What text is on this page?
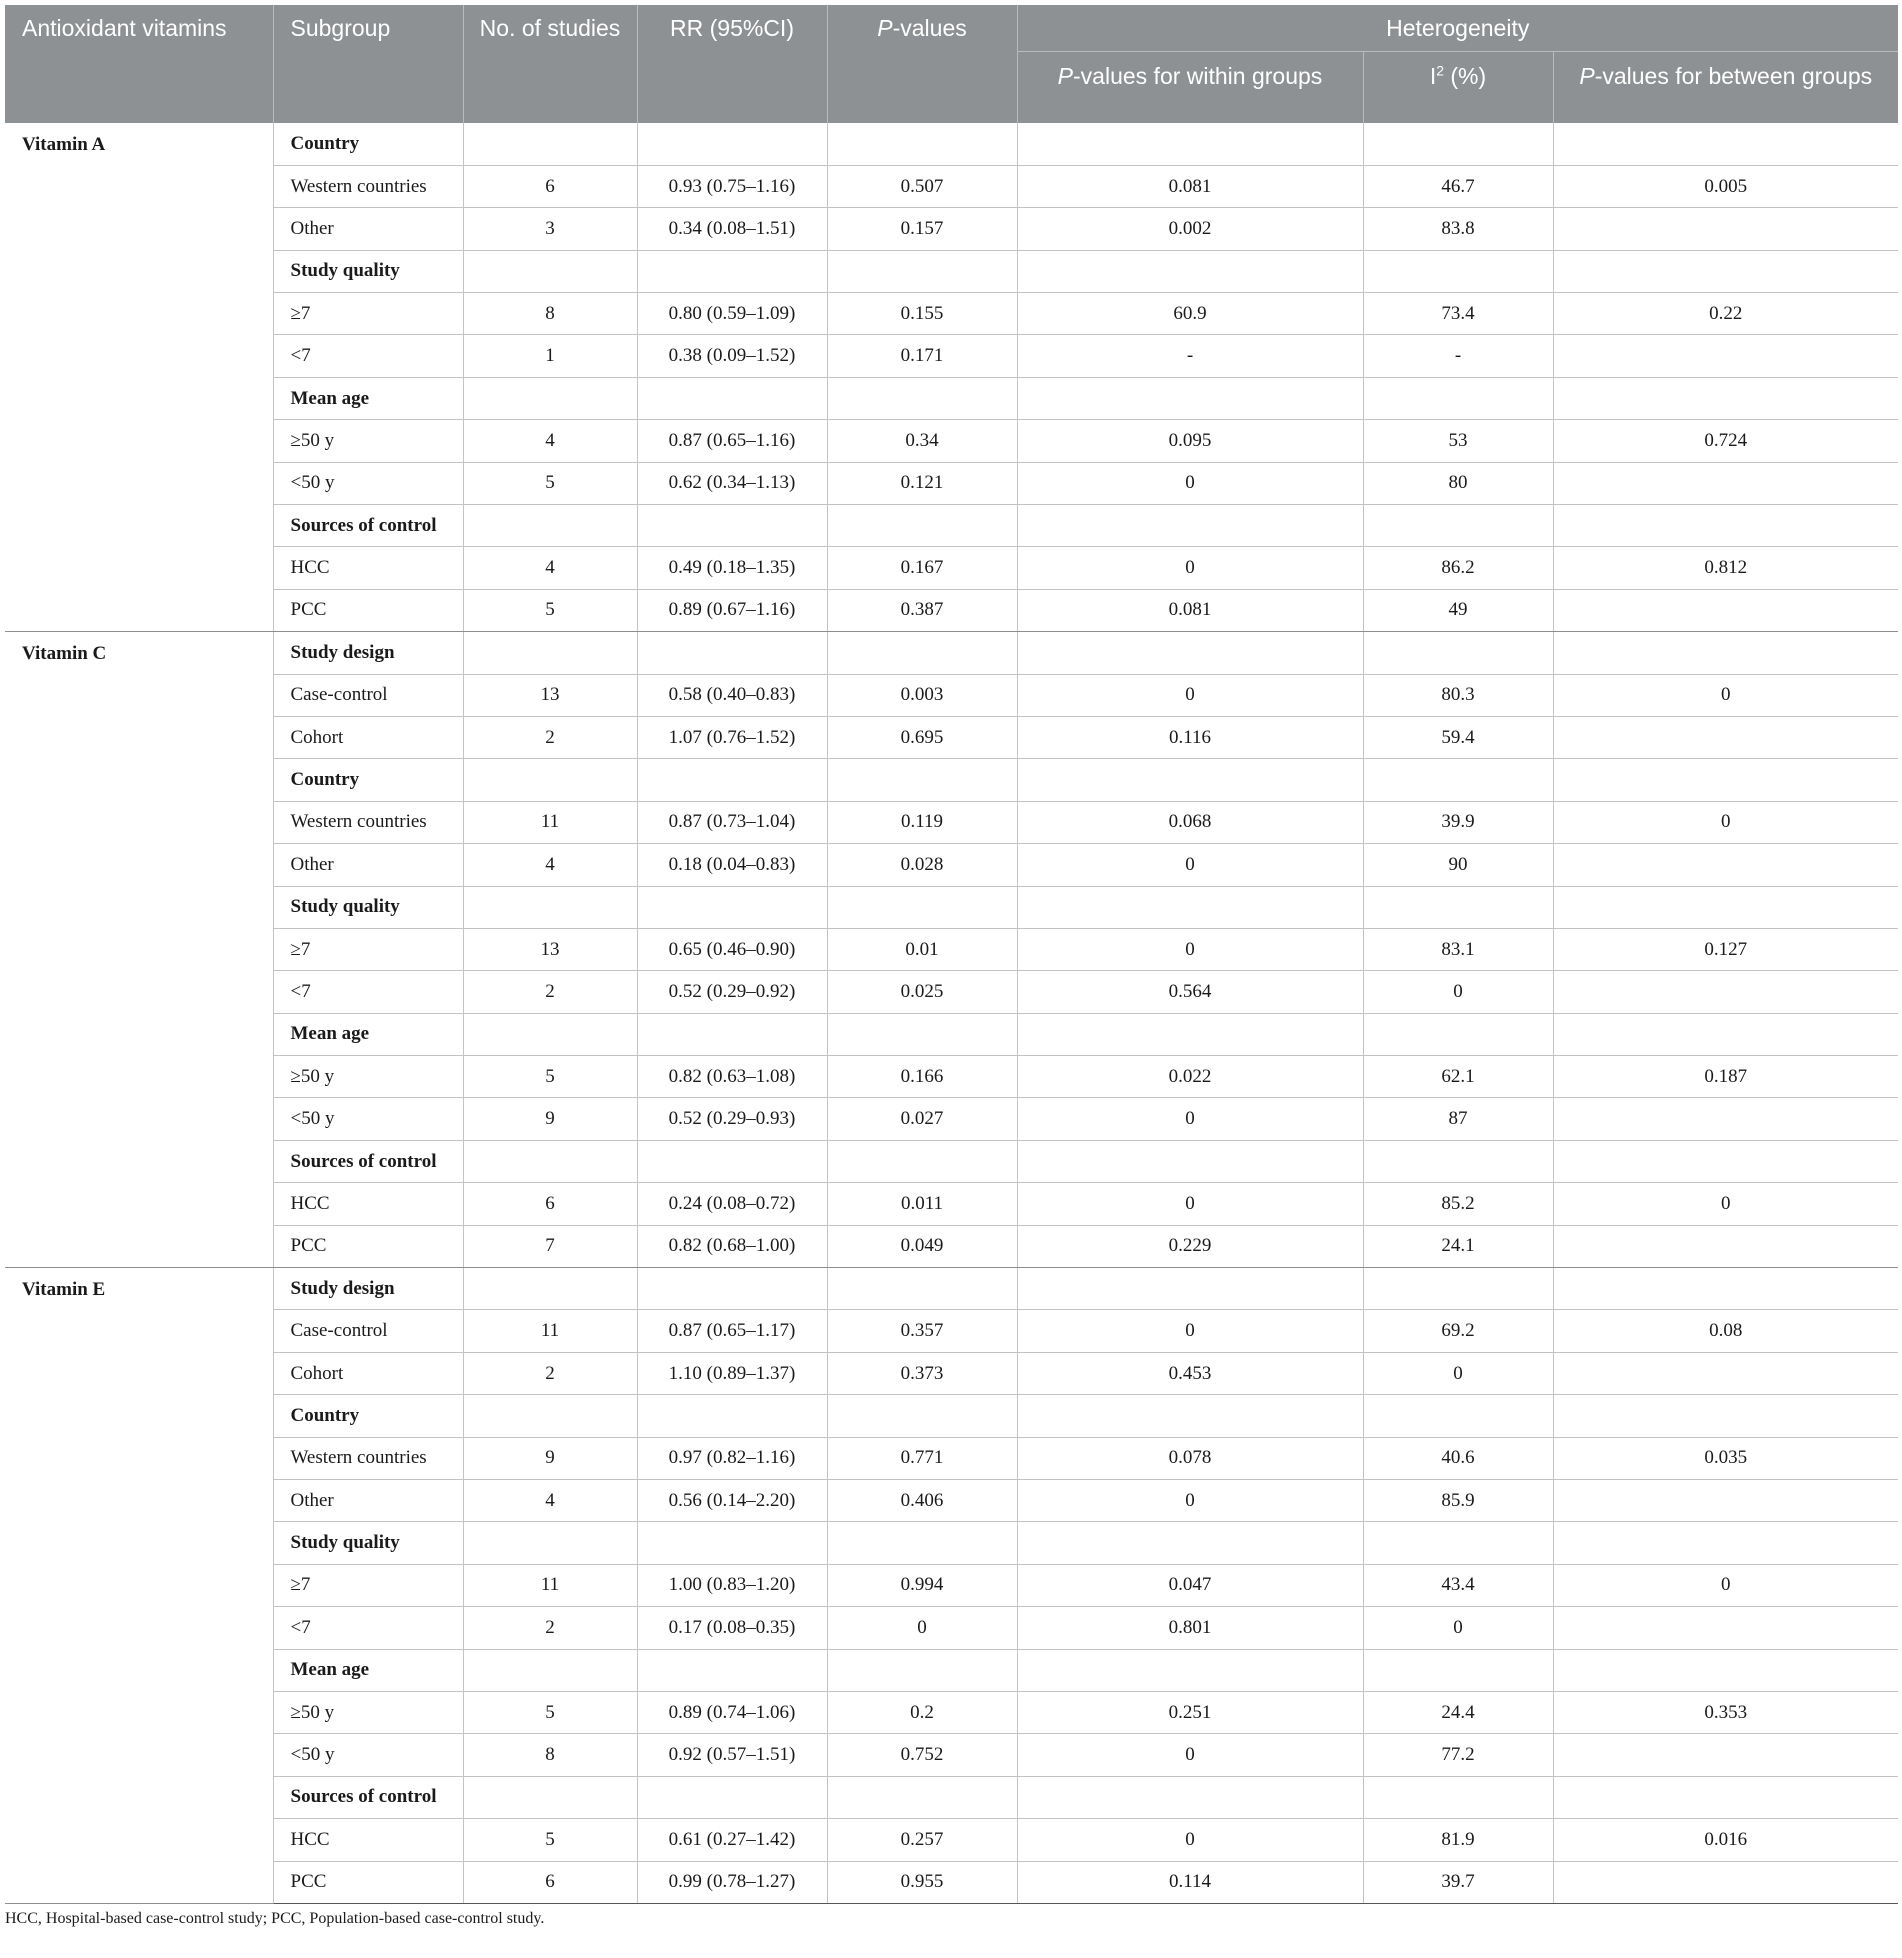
Antioxidant vitamins	Subgroup	No. of studies	RR (95%CI)	P-values	Heterogeneity		
					P-values for within groups	$I^2$ (%)	P-values for between groups
Vitamin A	Country						
	Western countries	6	0.93 (0.75–1.16)	0.507	0.081	46.7	0.005
	Other	3	0.34 (0.08–1.51)	0.157	0.002	83.8	
	Study quality						
	≥7	8	0.80 (0.59–1.09)	0.155	60.9	73.4	0.22
	<7	1	0.38 (0.09–1.52)	0.171	-	-	
	Mean age						
	≥50 y	4	0.87 (0.65–1.16)	0.34	0.095	53	0.724
	<50 y	5	0.62 (0.34–1.13)	0.121	0	80	
	Sources of control						
	HCC	4	0.49 (0.18–1.35)	0.167	0	86.2	0.812
	PCC	5	0.89 (0.67–1.16)	0.387	0.081	49	
Vitamin C	Study design						
	Case-control	13	0.58 (0.40–0.83)	0.003	0	80.3	0
	Cohort	2	1.07 (0.76–1.52)	0.695	0.116	59.4	
	Country						
	Western countries	11	0.87 (0.73–1.04)	0.119	0.068	39.9	0
	Other	4	0.18 (0.04–0.83)	0.028	0	90	
	Study quality						
	≥7	13	0.65 (0.46–0.90)	0.01	0	83.1	0.127
	<7	2	0.52 (0.29–0.92)	0.025	0.564	0	
	Mean age						
	≥50 y	5	0.82 (0.63–1.08)	0.166	0.022	62.1	0.187
	<50 y	9	0.52 (0.29–0.93)	0.027	0	87	
	Sources of control						
	HCC	6	0.24 (0.08–0.72)	0.011	0	85.2	0
	PCC	7	0.82 (0.68–1.00)	0.049	0.229	24.1	
Vitamin E	Study design						
	Case-control	11	0.87 (0.65–1.17)	0.357	0	69.2	0.08
	Cohort	2	1.10 (0.89–1.37)	0.373	0.453	0	
	Country						
	Western countries	9	0.97 (0.82–1.16)	0.771	0.078	40.6	0.035
	Other	4	0.56 (0.14–2.20)	0.406	0	85.9	
	Study quality						
	≥7	11	1.00 (0.83–1.20)	0.994	0.047	43.4	0
	<7	2	0.17 (0.08–0.35)	0	0.801	0	
	Mean age						
	≥50 y	5	0.89 (0.74–1.06)	0.2	0.251	24.4	0.353
	<50 y	8	0.92 (0.57–1.51)	0.752	0	77.2	
	Sources of control						
	HCC	5	0.61 (0.27–1.42)	0.257	0	81.9	0.016
	PCC	6	0.99 (0.78–1.27)	0.955	0.114	39.7	
HCC, Hospital-based case-control study; PCC, Population-based case-control study.
